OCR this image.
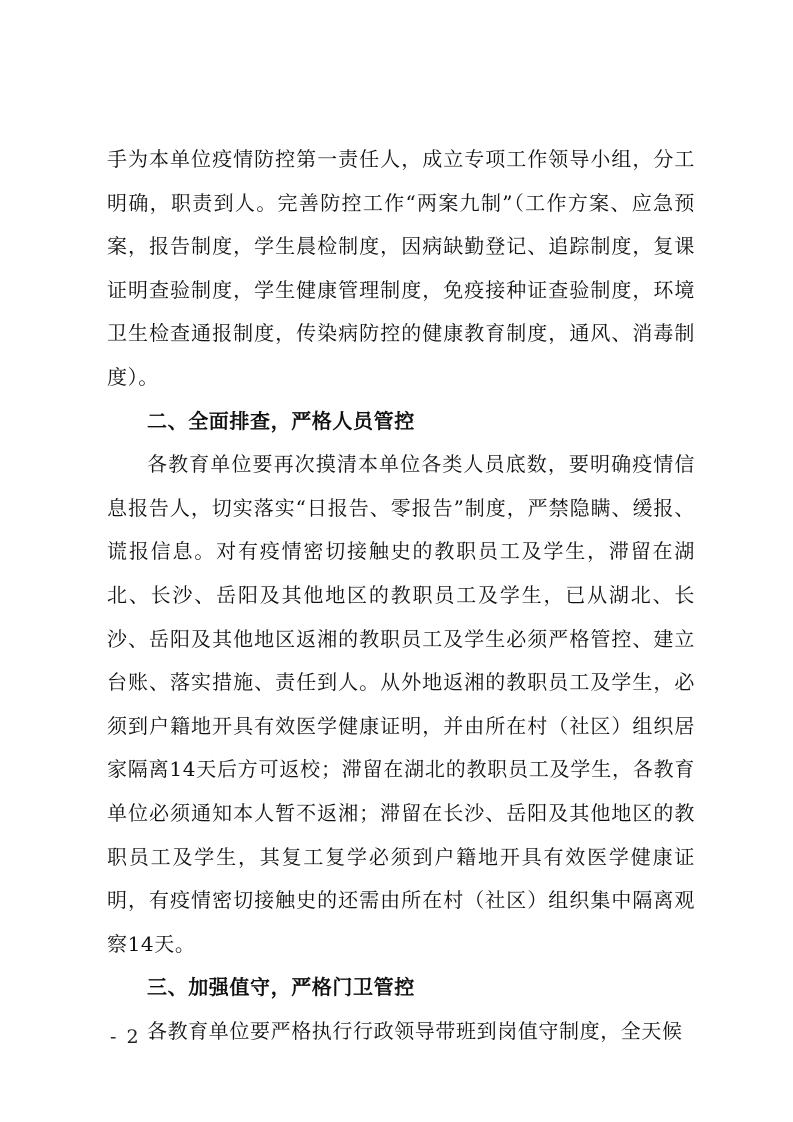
手为本单位疫情防控第一责任人，成立专项工作领导小组，分工明确，职责到人。完善防控工作“两案九制”（工作方案、应急预案，报告制度，学生晨检制度，因病缺勤登记、追踪制度，复课证明查验制度，学生健康管理制度，免疫接种证查验制度，环境卫生检查通报制度，传染病防控的健康教育制度，通风、消毒制度）。

二、全面排查，严格人员管控

各教育单位要再次摸清本单位各类人员底数，要明确疫情信息报告人，切实落实“日报告、零报告”制度，严禁隐瞒、缓报、谎报信息。对有疫情密切接触史的教职员工及学生，滞留在湖北、长沙、岳阳及其他地区的教职员工及学生，已从湖北、长沙、岳阳及其他地区返湘的教职员工及学生必须严格管控、建立台账、落实措施、责任到人。从外地返湘的教职员工及学生，必须到户籍地开具有效医学健康证明，并由所在村（社区）组织居家隔离14天后方可返校；滞留在湖北的教职员工及学生，各教育单位必须通知本人暂不返湘；滞留在长沙、岳阳及其他地区的教职员工及学生，其复工复学必须到户籍地开具有效医学健康证明，有疫情密切接触史的还需由所在村（社区）组织集中隔离观察14天。

三、加强值守，严格门卫管控

各教育单位要严格执行行政领导带班到岗值守制度，全天候

- 2 -
